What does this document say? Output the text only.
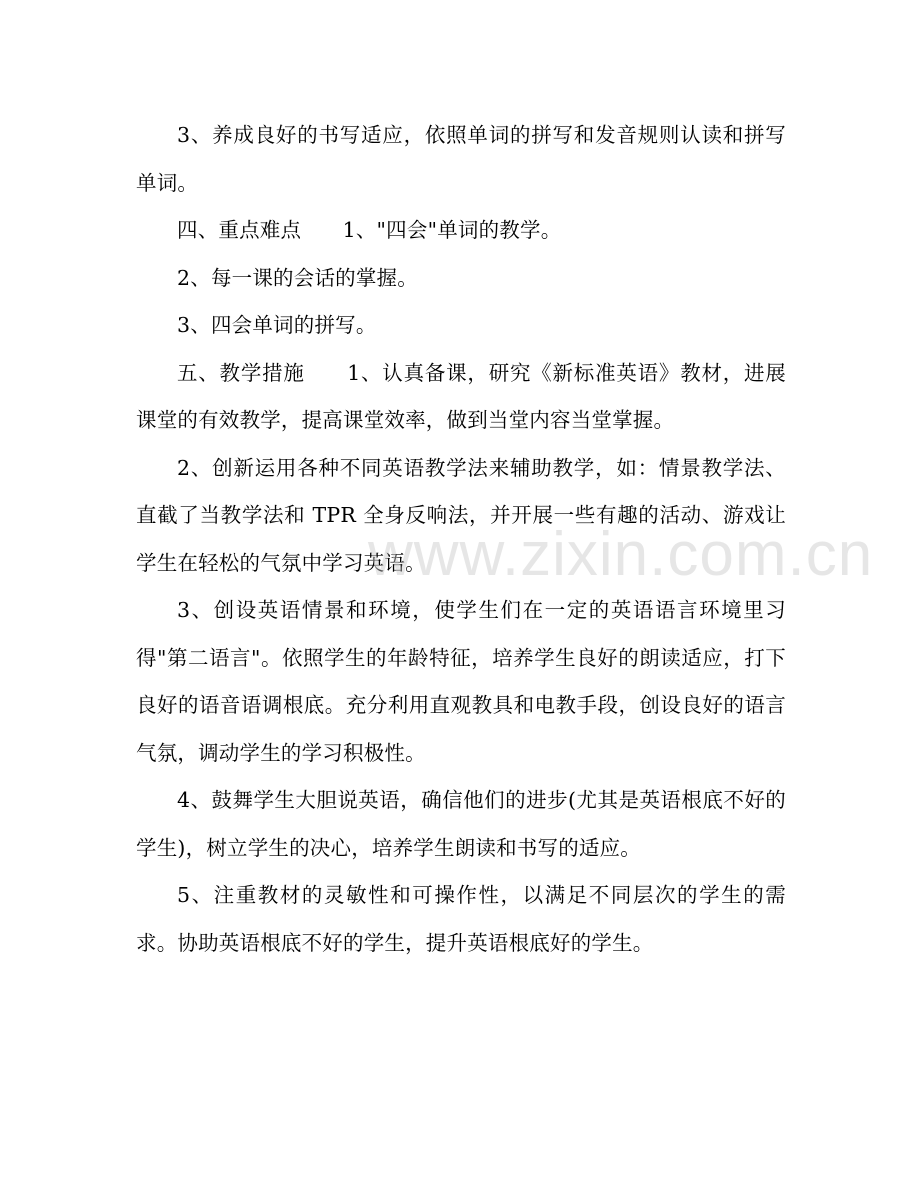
3、养成良好的书写适应，依照单词的拼写和发音规则认读和拼写单词。

四、重点难点　　1、"四会"单词的教学。

2、每一课的会话的掌握。

3、四会单词的拼写。

五、教学措施　　1、认真备课，研究《新标准英语》教材，进展课堂的有效教学，提高课堂效率，做到当堂内容当堂掌握。

2、创新运用各种不同英语教学法来辅助教学，如：情景教学法、直截了当教学法和 TPR 全身反响法，并开展一些有趣的活动、游戏让学生在轻松的气氛中学习英语。

3、创设英语情景和环境，使学生们在一定的英语语言环境里习得"第二语言"。依照学生的年龄特征，培养学生良好的朗读适应，打下良好的语音语调根底。充分利用直观教具和电教手段，创设良好的语言气氛，调动学生的学习积极性。

4、鼓舞学生大胆说英语，确信他们的进步(尤其是英语根底不好的学生)，树立学生的决心，培养学生朗读和书写的适应。

5、注重教材的灵敏性和可操作性，以满足不同层次的学生的需求。协助英语根底不好的学生，提升英语根底好的学生。

www.zixin.com.cn
